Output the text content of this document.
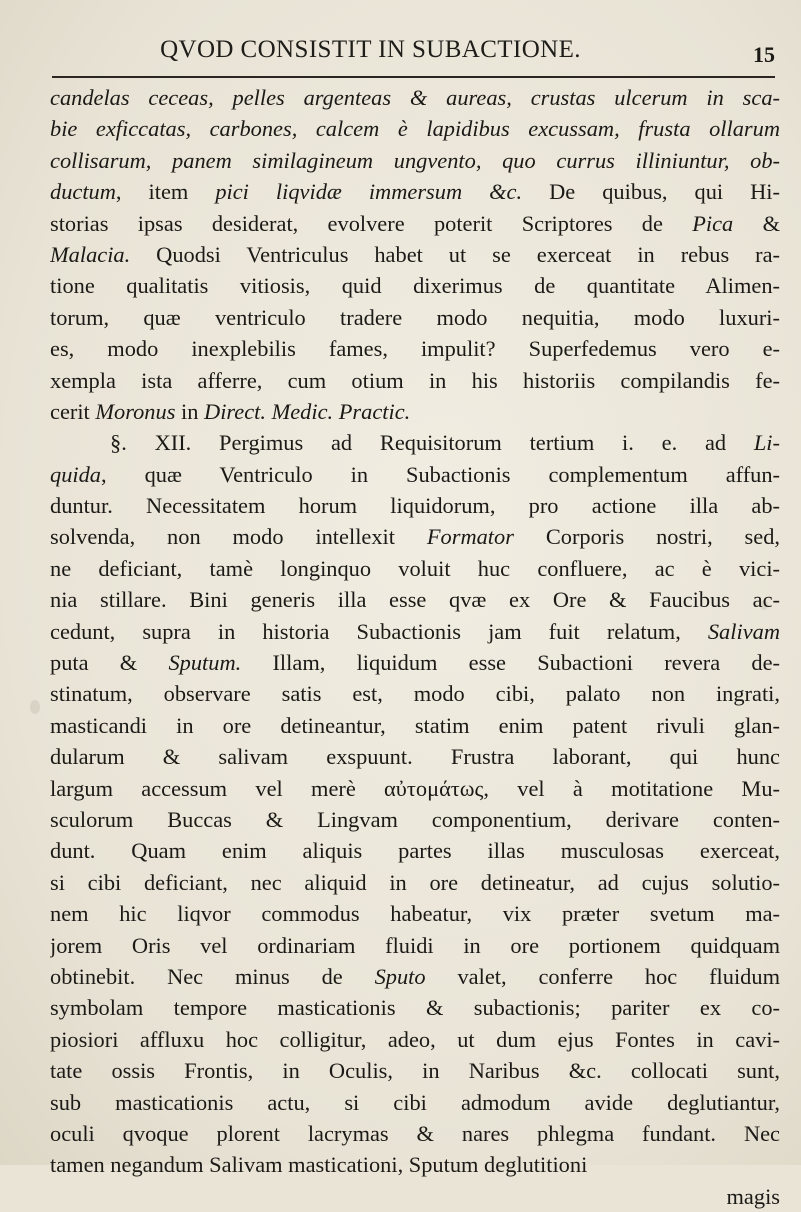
QVOD CONSISTIT IN SUBACTIONE.	15
candelas ceceas, pelles argenteas & aureas, crustas ulcerum in sca-
bie exficcatas, carbones, calcem è lapidibus excussam, frusta ollarum
collisarum, panem similagineum ungvento, quo currus illiniuntur, ob-
ductum, item pici liqvidæ immersum &c. De quibus, qui Hi-
storias ipsas desiderat, evolvere poterit Scriptores de Pica &
Malacia. Quodsi Ventriculus habet ut se exerceat in rebus ra-
tione qualitatis vitiosis, quid dixerimus de quantitate Alimen-
torum, quæ ventriculo tradere modo nequitia, modo luxuri-
es, modo inexplebilis fames, impulit? Superfedemus vero e-
xempla ista afferre, cum otium in his historiis compilandis fe-
cerit Moronus in Direct. Medic. Practic.
§. XII. Pergimus ad Requisitorum tertium i. e. ad Li-
quida, quæ Ventriculo in Subactionis complementum affun-
duntur. Necessitatem horum liquidorum, pro actione illa ab-
solvenda, non modo intellexit Formator Corporis nostri, sed,
ne deficiant, tamè longinquo voluit huc confluere, ac è vici-
nia stillare. Bini generis illa esse qvæ ex Ore & Faucibus ac-
cedunt, supra in historia Subactionis jam fuit relatum, Salivam
puta & Sputum. Illam, liquidum esse Subactioni revera de-
stinatum, observare satis est, modo cibi, palato non ingrati,
masticandi in ore detineantur, statim enim patent rivuli glan-
dularum & salivam exspuunt. Frustra laborant, qui hunc
largum accessum vel merè αὐτομάτως, vel à motitatione Mu-
sculorum Buccas & Lingvam componentium, derivare conten-
dunt. Quam enim aliquis partes illas musculosas exerceat,
si cibi deficiant, nec aliquid in ore detineatur, ad cujus solutio-
nem hic liqvor commodus habeatur, vix præter svetum ma-
jorem Oris vel ordinariam fluidi in ore portionem quidquam
obtinebit. Nec minus de Sputo valet, conferre hoc fluidum
symbolam tempore masticationis & subactionis; pariter ex co-
piosiori affluxu hoc colligitur, adeo, ut dum ejus Fontes in cavi-
tate ossis Frontis, in Oculis, in Naribus &c. collocati sunt,
sub masticationis actu, si cibi admodum avide deglutiantur,
oculi qvoque plorent lacrymas & nares phlegma fundant. Nec
tamen negandum Salivam masticationi, Sputum deglutitioni
magis
